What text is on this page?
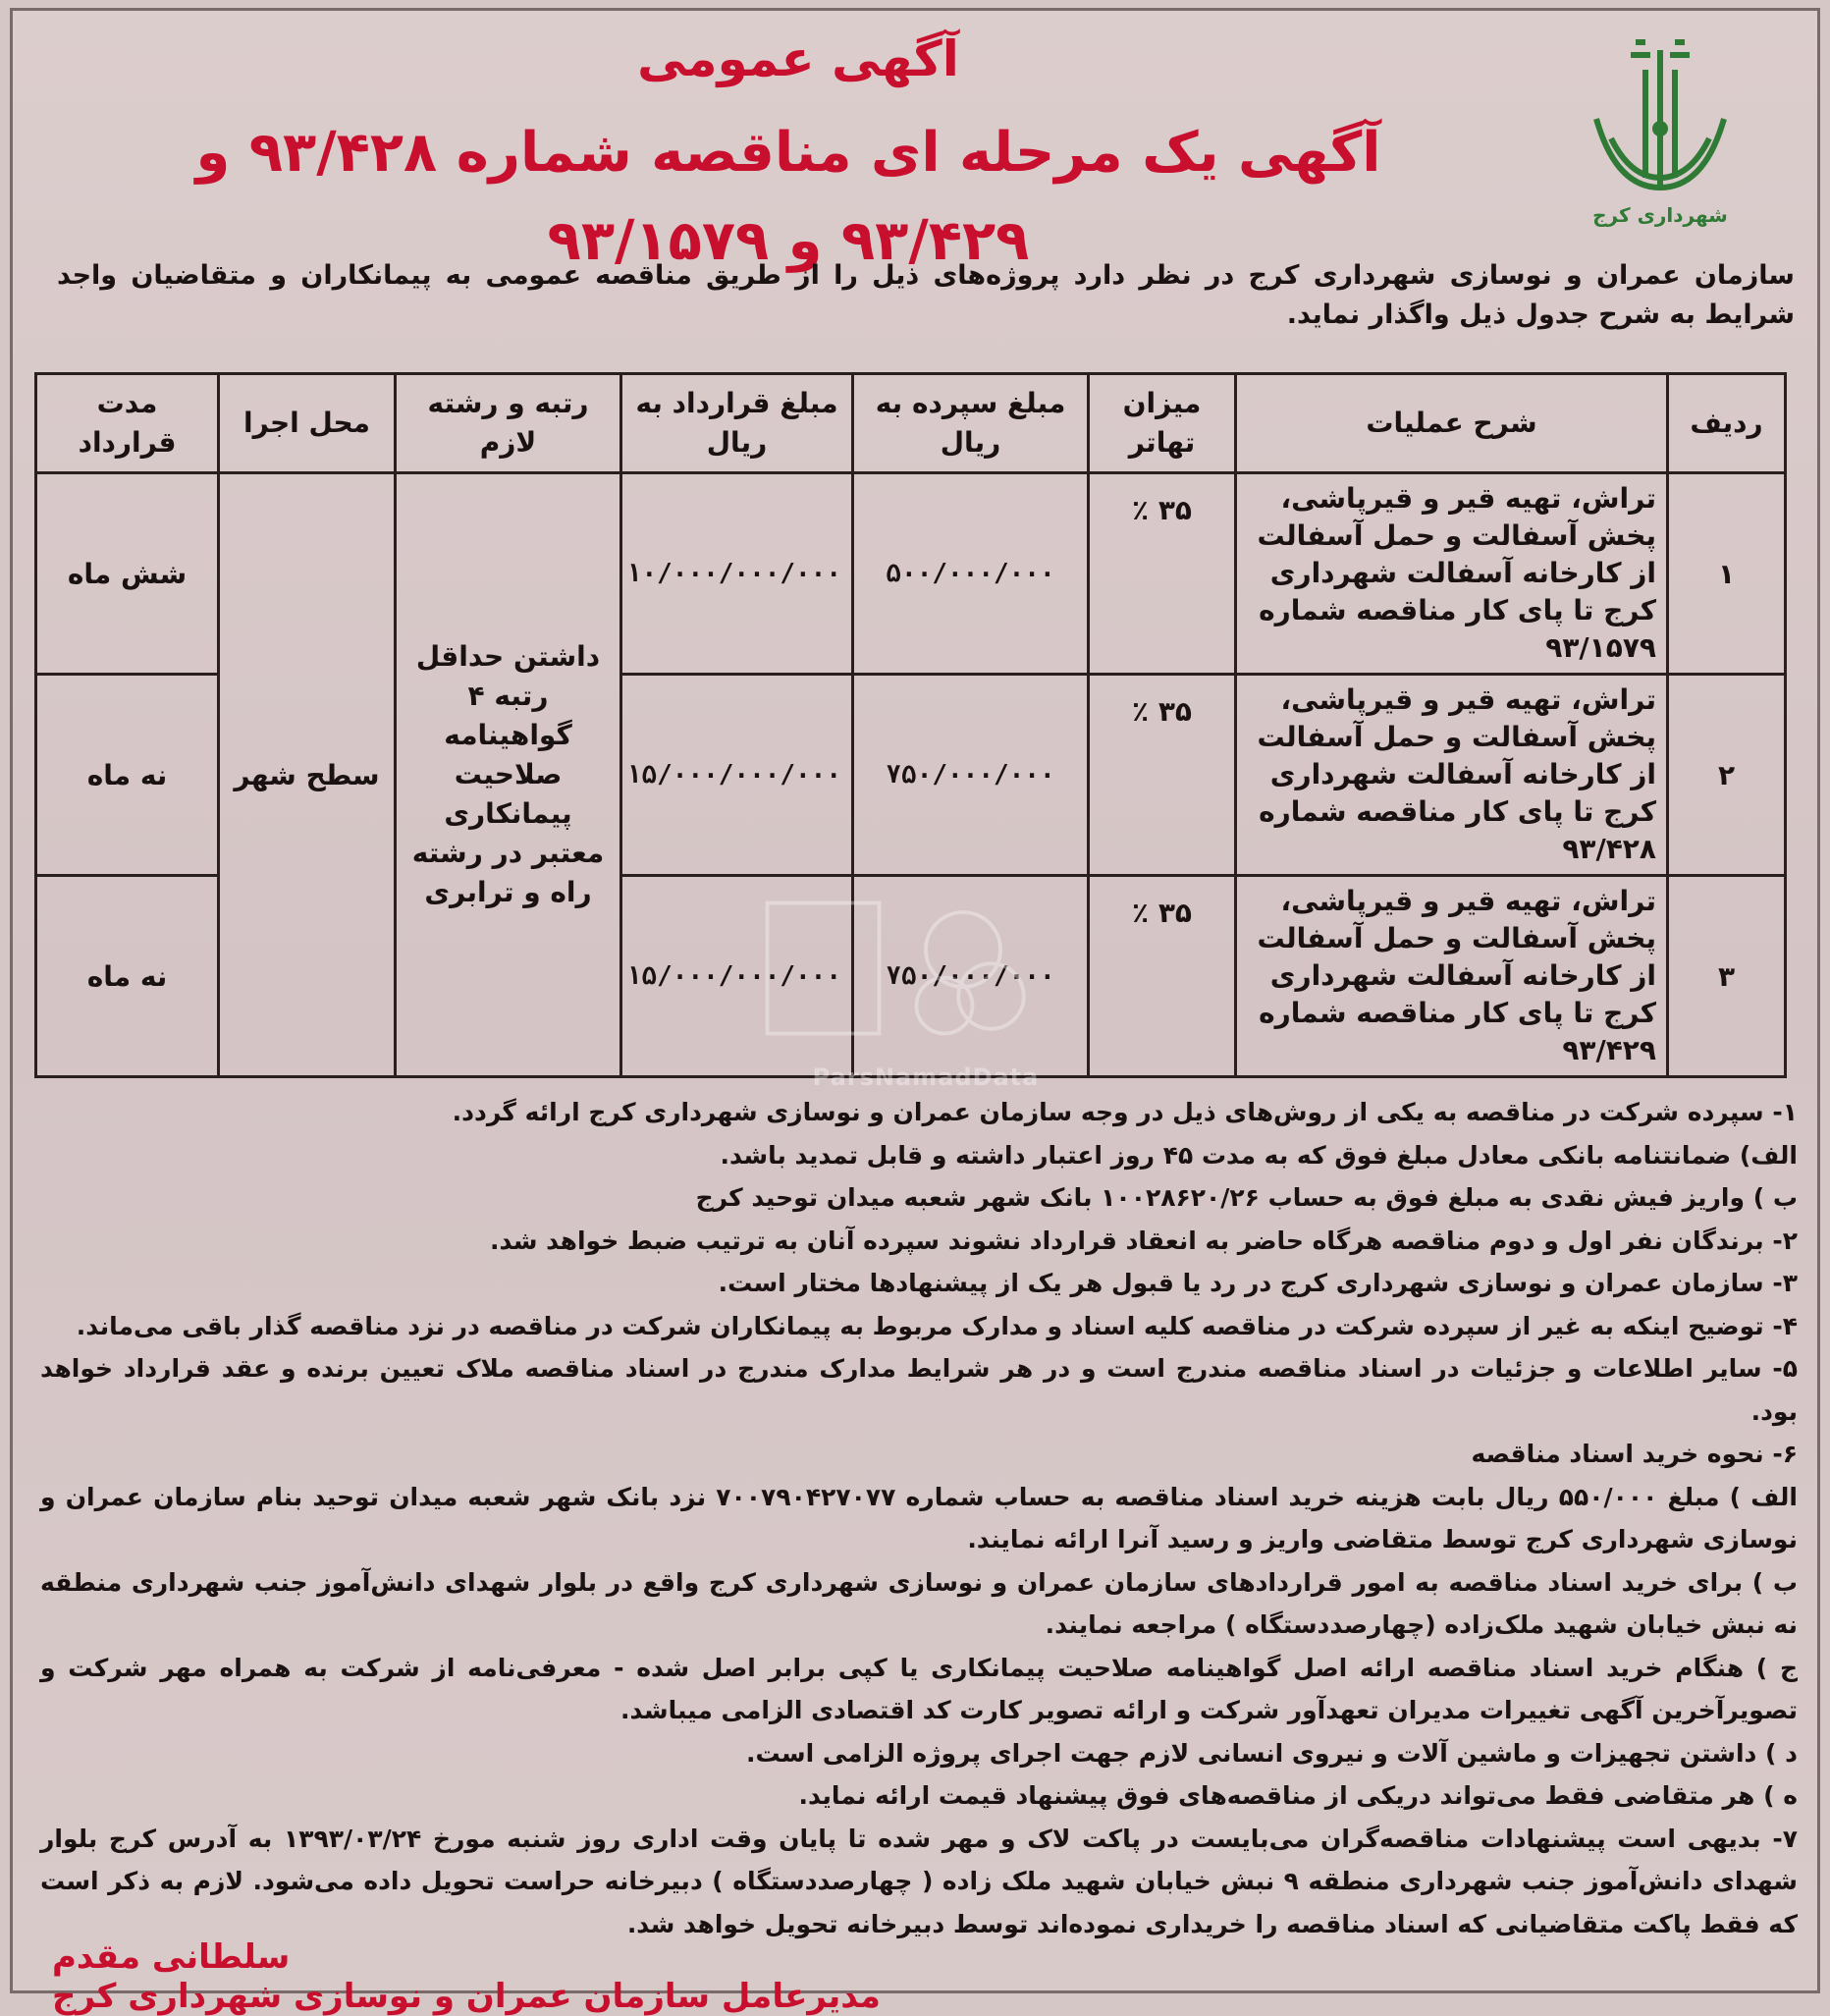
شهرداری کرج
آگهی عمومی
آگهی یک مرحله ای مناقصه شماره ۹۳/۴۲۸ و ۹۳/۴۲۹ و ۹۳/۱۵۷۹
سازمان عمران و نوسازی شهرداری کرج در نظر دارد پروژه‌های ذیل را از طریق مناقصه عمومی به پیمانکاران و متقاضیان واجد شرایط به شرح جدول ذیل واگذار نماید.
ردیف	شرح عملیات	میزان تهاتر	مبلغ سپرده به ریال	مبلغ قرارداد به ریال	رتبه و رشته لازم	محل اجرا	مدت قرارداد
۱	تراش، تهیه قیر و قیرپاشی، پخش آسفالت و حمل آسفالت از کارخانه آسفالت شهرداری کرج تا پای کار مناقصه شماره ۹۳/۱۵۷۹	۳۵ ٪	۵۰۰/۰۰۰/۰۰۰	۱۰/۰۰۰/۰۰۰/۰۰۰	داشتن حداقل رتبه ۴ گواهینامه صلاحیت پیمانکاری معتبر در رشته راه و ترابری	سطح شهر	شش ماه
۲	تراش، تهیه قیر و قیرپاشی، پخش آسفالت و حمل آسفالت از کارخانه آسفالت شهرداری کرج تا پای کار مناقصه شماره ۹۳/۴۲۸	۳۵ ٪	۷۵۰/۰۰۰/۰۰۰	۱۵/۰۰۰/۰۰۰/۰۰۰			نه ماه
۳	تراش، تهیه قیر و قیرپاشی، پخش آسفالت و حمل آسفالت از کارخانه آسفالت شهرداری کرج تا پای کار مناقصه شماره ۹۳/۴۲۹	۳۵ ٪	۷۵۰/۰۰۰/۰۰۰	۱۵/۰۰۰/۰۰۰/۰۰۰			نه ماه
ParsNamadData

۱- سپرده شرکت در مناقصه به یکی از روش‌های ذیل در وجه سازمان عمران و نوسازی شهرداری کرج ارائه گردد.

الف) ضمانتنامه بانکی معادل مبلغ فوق که به مدت ۴۵ روز اعتبار داشته و قابل تمدید باشد.

ب ) واریز فیش نقدی به مبلغ فوق به حساب ۱۰۰۲۸۶۲۰/۲۶ بانک شهر شعبه میدان توحید کرج

۲- برندگان نفر اول و دوم مناقصه هرگاه حاضر به انعقاد قرارداد نشوند سپرده آنان به ترتیب ضبط خواهد شد.

۳- سازمان عمران و نوسازی شهرداری کرج در رد یا قبول هر یک از پیشنهادها مختار است.

۴- توضیح اینکه به غیر از سپرده شرکت در مناقصه کلیه اسناد و مدارک مربوط به پیمانکاران شرکت در مناقصه در نزد مناقصه گذار باقی می‌ماند.

۵- سایر اطلاعات و جزئیات در اسناد مناقصه مندرج است و در هر شرایط مدارک مندرج در اسناد مناقصه ملاک تعیین برنده و عقد قرارداد خواهد بود.

۶- نحوه خرید اسناد مناقصه

الف ) مبلغ ۵۵۰/۰۰۰ ریال بابت هزینه خرید اسناد مناقصه به حساب شماره ۷۰۰۷۹۰۴۲۷۰۷۷ نزد بانک شهر شعبه میدان توحید بنام سازمان عمران و نوسازی شهرداری کرج توسط متقاضی واریز و رسید آنرا ارائه نمایند.

ب ) برای خرید اسناد مناقصه به امور قراردادهای سازمان عمران و نوسازی شهرداری کرج واقع در بلوار شهدای دانش‌آموز جنب شهرداری منطقه نه نبش خیابان شهید ملک‌زاده (چهارصددستگاه ) مراجعه نمایند.

ج ) هنگام خرید اسناد مناقصه ارائه اصل گواهینامه صلاحیت پیمانکاری یا کپی برابر اصل شده - معرفی‌نامه از شرکت به همراه مهر شرکت و تصویرآخرین آگهی تغییرات مدیران تعهدآور شرکت و ارائه تصویر کارت کد اقتصادی الزامی میباشد.

د ) داشتن تجهیزات و ماشین آلات و نیروی انسانی لازم جهت اجرای پروژه الزامی است.

ه ) هر متقاضی فقط می‌تواند دریکی از مناقصه‌های فوق پیشنهاد قیمت ارائه نماید.

۷- بدیهی است پیشنهادات مناقصه‌گران می‌بایست در پاکت لاک و مهر شده تا پایان وقت اداری روز شنبه مورخ ۱۳۹۳/۰۳/۲۴ به آدرس کرج بلوار شهدای دانش‌آموز جنب شهرداری منطقه ۹ نبش خیابان شهید ملک زاده ( چهارصددستگاه ) دبیرخانه حراست تحویل داده می‌شود. لازم به ذکر است که فقط پاکت متقاضیانی که اسناد مناقصه را خریداری نموده‌اند توسط دبیرخانه تحویل خواهد شد.

سلطانی مقدم مدیرعامل سازمان عمران و نوسازی شهرداری کرج
